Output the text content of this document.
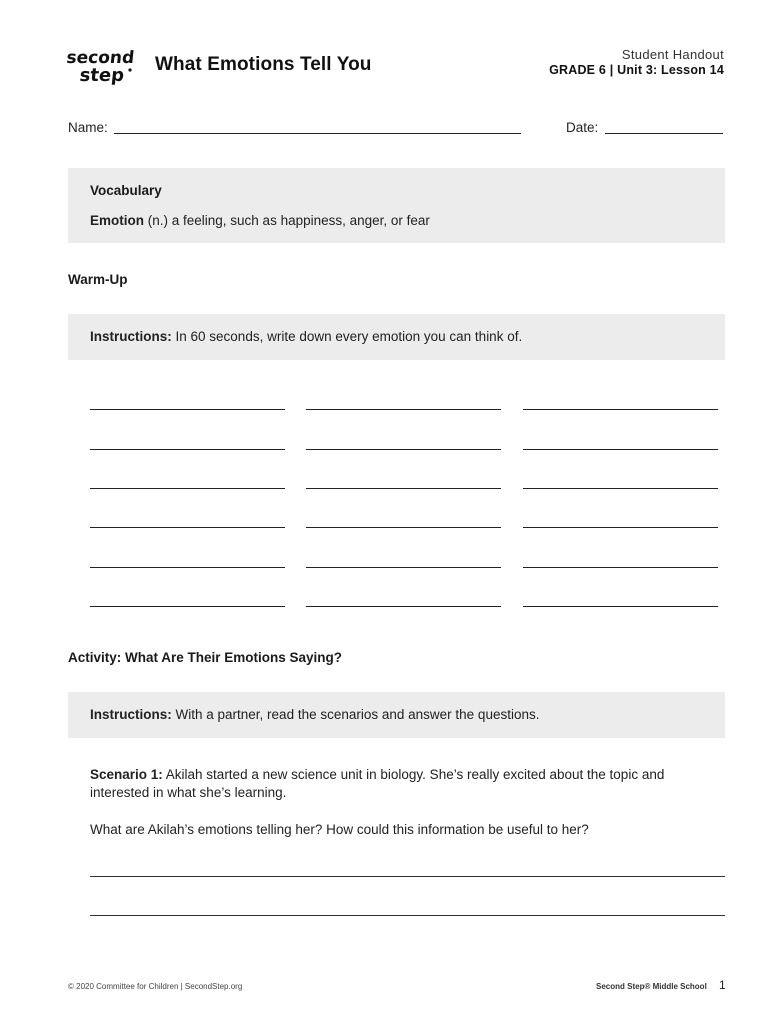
second
step
What Emotions Tell You	Student Handout
GRADE 6 | Unit 3: Lesson 14
Name:	Date:
Vocabulary
Emotion (n.) a feeling, such as happiness, anger, or fear
Warm-Up
Instructions: In 60 seconds, write down every emotion you can think of.
Activity: What Are Their Emotions Saying?
Instructions: With a partner, read the scenarios and answer the questions.
Scenario 1: Akilah started a new science unit in biology. She’s really excited about the topic and interested in what she’s learning.
What are Akilah’s emotions telling her? How could this information be useful to her?
© 2020 Committee for Children | SecondStep.org	Second Step® Middle School 1
